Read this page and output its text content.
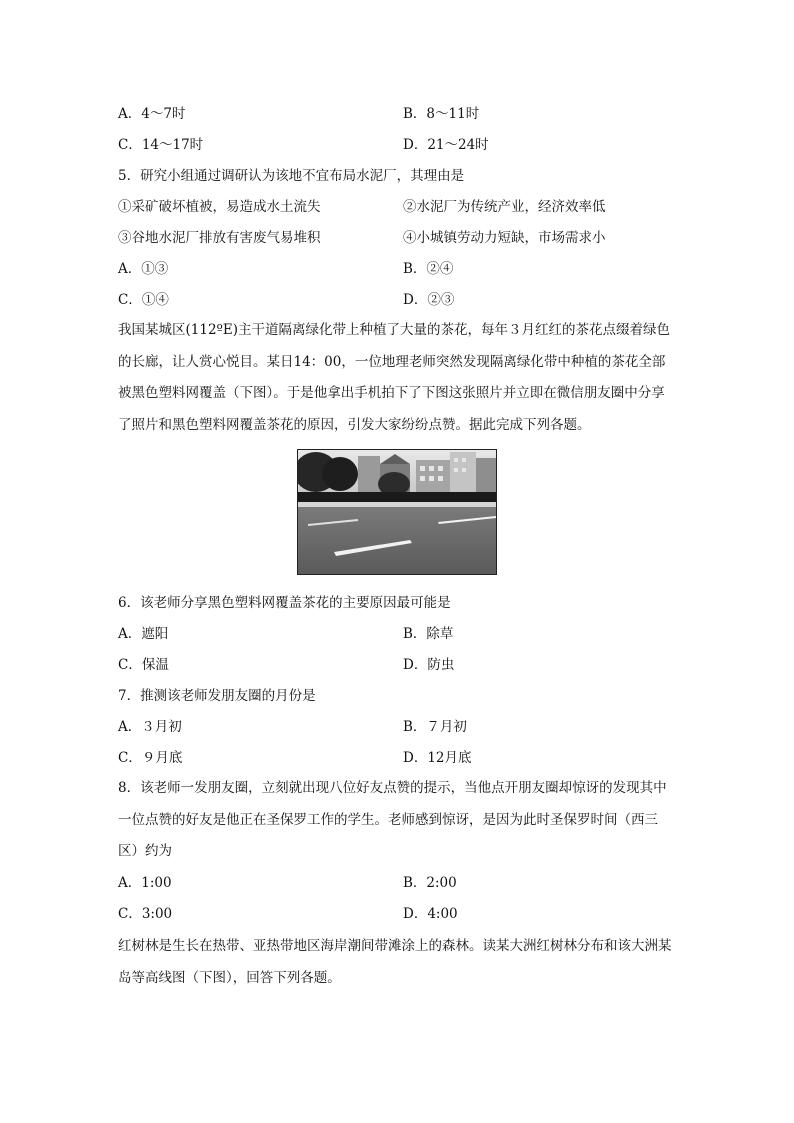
A．4～7时	B．8～11时
C．14～17时	D．21～24时
5．研究小组通过调研认为该地不宜布局水泥厂，其理由是
①采矿破坏植被，易造成水土流失	②水泥厂为传统产业，经济效率低
③谷地水泥厂排放有害废气易堆积	④小城镇劳动力短缺，市场需求小
A．①③	B．②④
C．①④	D．②③
我国某城区(112ºE)主干道隔离绿化带上种植了大量的茶花，每年３月红红的茶花点缀着绿色的长廊，让人赏心悦目。某日14：00，一位地理老师突然发现隔离绿化带中种植的茶花全部被黑色塑料网覆盖（下图）。于是他拿出手机拍下了下图这张照片并立即在微信朋友圈中分享了照片和黑色塑料网覆盖茶花的原因，引发大家纷纷点赞。据此完成下列各题。
6．该老师分享黑色塑料网覆盖茶花的主要原因最可能是
A．遮阳	B．除草
C．保温	D．防虫
7．推测该老师发朋友圈的月份是
A．３月初	B．７月初
C．９月底	D．12月底
8．该老师一发朋友圈，立刻就出现八位好友点赞的提示，当他点开朋友圈却惊讶的发现其中一位点赞的好友是他正在圣保罗工作的学生。老师感到惊讶，是因为此时圣保罗时间（西三区）约为
A．1:00	B．2:00
C．3:00	D．4:00
红树林是生长在热带、亚热带地区海岸潮间带滩涂上的森林。读某大洲红树林分布和该大洲某岛等高线图（下图），回答下列各题。
